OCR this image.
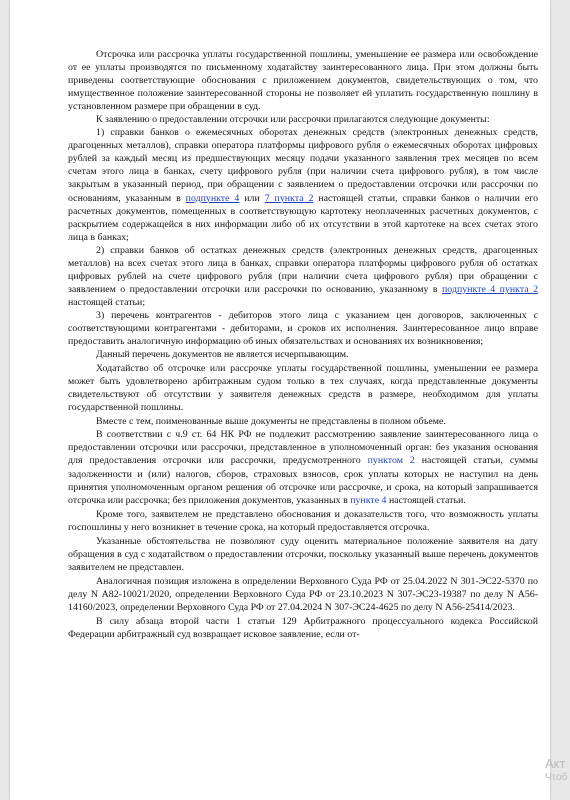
Отсрочка или рассрочка уплаты государственной пошлины, уменьшение ее размера или освобождение от ее уплаты производятся по письменному ходатайству заинтересованного лица. При этом должны быть приведены соответствующие обоснования с приложением документов, свидетельствующих о том, что имущественное положение заинтересованной стороны не позволяет ей уплатить государственную пошлину в установленном размере при обращении в суд.

К заявлению о предоставлении отсрочки или рассрочки прилагаются следующие документы:

1) справки банков о ежемесячных оборотах денежных средств (электронных денежных средств, драгоценных металлов), справки оператора платформы цифрового рубля о ежемесячных оборотах цифровых рублей за каждый месяц из предшествующих месяцу подачи указанного заявления трех месяцев по всем счетам этого лица в банках, счету цифрового рубля (при наличии счета цифрового рубля), в том числе закрытым в указанный период, при обращении с заявлением о предоставлении отсрочки или рассрочки по основаниям, указанным в подпункте 4 или 7 пункта 2 настоящей статьи, справки банков о наличии его расчетных документов, помещенных в соответствующую картотеку неоплаченных расчетных документов, с раскрытием содержащейся в них информации либо об их отсутствии в этой картотеке на всех счетах этого лица в банках;

2) справки банков об остатках денежных средств (электронных денежных средств, драгоценных металлов) на всех счетах этого лица в банках, справки оператора платформы цифрового рубля об остатках цифровых рублей на счете цифрового рубля (при наличии счета цифрового рубля) при обращении с заявлением о предоставлении отсрочки или рассрочки по основанию, указанному в подпункте 4 пункта 2 настоящей статьи;

3) перечень контрагентов - дебиторов этого лица с указанием цен договоров, заключенных с соответствующими контрагентами - дебиторами, и сроков их исполнения. Заинтересованное лицо вправе предоставить аналогичную информацию об иных обязательствах и основаниях их возникновения;

Данный перечень документов не является исчерпывающим.

Ходатайство об отсрочке или рассрочке уплаты государственной пошлины, уменьшении ее размера может быть удовлетворено арбитражным судом только в тех случаях, когда представленные документы свидетельствуют об отсутствии у заявителя денежных средств в размере, необходимом для уплаты государственной пошлины.

Вместе с тем, поименованные выше документы не представлены в полном объеме.

В соответствии с ч.9 ст. 64 НК РФ не подлежит рассмотрению заявление заинтересованного лица о предоставлении отсрочки или рассрочки, представленное в уполномоченный орган: без указания основания для предоставления отсрочки или рассрочки, предусмотренного пунктом 2 настоящей статьи, суммы задолженности и (или) налогов, сборов, страховых взносов, срок уплаты которых не наступил на день принятия уполномоченным органом решения об отсрочке или рассрочке, и срока, на который запрашивается отсрочка или рассрочка; без приложения документов, указанных в пункте 4 настоящей статьи.

Кроме того, заявителем не представлено обоснования и доказательств того, что возможность уплаты госпошлины у него возникнет в течение срока, на который предоставляется отсрочка.

Указанные обстоятельства не позволяют суду оценить материальное положение заявителя на дату обращения в суд с ходатайством о предоставлении отсрочки, поскольку указанный выше перечень документов заявителем не представлен.

Аналогичная позиция изложена в определении Верховного Суда РФ от 25.04.2022 N 301-ЭС22-5370 по делу N А82-10021/2020, определении Верховного Суда РФ от 23.10.2023 N 307-ЭС23-19387 по делу N А56-14160/2023, определении Верховного Суда РФ от 27.04.2024 N 307-ЭС24-4625 по делу N А56-25414/2023.

В силу абзаца второй части 1 статьи 129 Арбитражного процессуального кодекса Российской Федерации арбитражный суд возвращает исковое заявление, если от-

Акт
Чтоб
